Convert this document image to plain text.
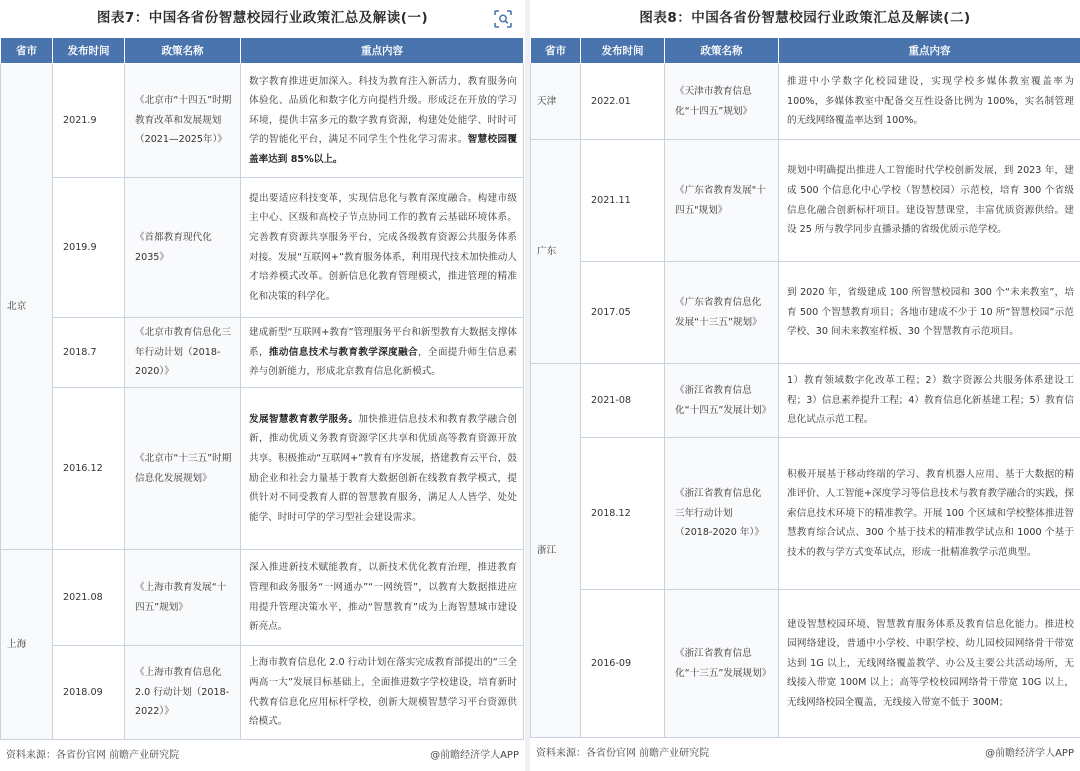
图表7：中国各省份智慧校园行业政策汇总及解读(一)
省市	发布时间	政策名称	重点内容
北京	2021.9	《北京市“十四五”时期教育改革和发展规划（2021—2025年）》	数字教育推进更加深入。科技为教育注入新活力，教育服务向体验化、品质化和数字化方向提档升级。形成泛在开放的学习环境，提供丰富多元的数字教育资源，构建处处能学、时时可学的智能化平台，满足不同学生个性化学习需求。智慧校园覆盖率达到 85%以上。
	2019.9	《首都教育现代化2035》	提出要适应科技变革，实现信息化与教育深度融合。构建市级主中心、区级和高校子节点协同工作的教育云基础环境体系。完善教育资源共享服务平台，完成各级教育资源公共服务体系对接。发展“互联网+”教育服务体系，利用现代技术加快推动人才培养模式改革。创新信息化教育管理模式，推进管理的精准化和决策的科学化。
	2018.7	《北京市教育信息化三年行动计划（2018-2020）》	建成新型“互联网+教育”管理服务平台和新型教育大数据支撑体系，推动信息技术与教育教学深度融合，全面提升师生信息素养与创新能力，形成北京教育信息化新模式。
	2016.12	《北京市“十三五”时期信息化发展规划》	发展智慧教育教学服务。加快推进信息技术和教育教学融合创新，推动优质义务教育资源学区共享和优质高等教育资源开放共享。积极推动“互联网+”教育有序发展，搭建教育云平台，鼓励企业和社会力量基于教育大数据创新在线教育教学模式，提供针对不同受教育人群的智慧教育服务，满足人人皆学、处处能学、时时可学的学习型社会建设需求。
上海	2021.08	《上海市教育发展“十四五”规划》	深入推进新技术赋能教育，以新技术优化教育治理，推进教育管理和政务服务“一网通办”“一网统管”，以教育大数据推进应用提升管理决策水平，推动“智慧教育”成为上海智慧城市建设新亮点。
	2018.09	《上海市教育信息化2.0 行动计划（2018-2022）》	上海市教育信息化 2.0 行动计划在落实完成教育部提出的“三全两高一大”发展目标基础上，全面推进数字学校建设，培育新时代教育信息化应用标杆学校，创新大规模智慧学习平台资源供给模式。
资料来源：各省份官网 前瞻产业研究院	@前瞻经济学人APP
图表8：中国各省份智慧校园行业政策汇总及解读(二)
省市	发布时间	政策名称	重点内容
天津	2022.01	《天津市教育信息化“十四五”规划》	推进中小学数字化校园建设，实现学校多媒体教室覆盖率为 100%，多媒体教室中配备交互性设备比例为 100%，实名制管理的无线网络覆盖率达到 100%。
广东	2021.11	《广东省教育发展"十四五"规划》	规划中明确提出推进人工智能时代学校创新发展，到 2023 年，建成 500 个信息化中心学校（智慧校园）示范校，培育 300 个省级信息化融合创新标杆项目。建设智慧课堂，丰富优质资源供给。建设 25 所与教学同步直播录播的省级优质示范学校。
	2017.05	《广东省教育信息化发展“十三五”规划》	到 2020 年，省级建成 100 所智慧校园和 300 个“未来教室”，培育 500 个智慧教育项目；各地市建成不少于 10 所“智慧校园”示范学校、30 间未来教室样板、30 个智慧教育示范项目。
浙江	2021-08	《浙江省教育信息化“十四五”发展计划》	1）教育领域数字化改革工程；2）数字资源公共服务体系建设工程；3）信息素养提升工程；4）教育信息化新基建工程；5）教育信息化试点示范工程。
	2018.12	《浙江省教育信息化三年行动计划（2018-2020 年）》	积极开展基于移动终端的学习、教育机器人应用、基于大数据的精准评价、人工智能+深度学习等信息技术与教育教学融合的实践，探索信息技术环境下的精准教学。开展 100 个区域和学校整体推进智慧教育综合试点、300 个基于技术的精准教学试点和 1000 个基于技术的教与学方式变革试点，形成一批精准教学示范典型。
	2016-09	《浙江省教育信息化“十三五”发展规划》	建设智慧校园环境、智慧教育服务体系及教育信息化能力。推进校园网络建设，普通中小学校、中职学校、幼儿园校园网络骨干带宽达到 1G 以上，无线网络覆盖教学、办公及主要公共活动场所，无线接入带宽 100M 以上；高等学校校园网络骨干带宽 10G 以上，无线网络校园全覆盖，无线接入带宽不低于 300M；
资料来源：各省份官网 前瞻产业研究院	@前瞻经济学人APP
